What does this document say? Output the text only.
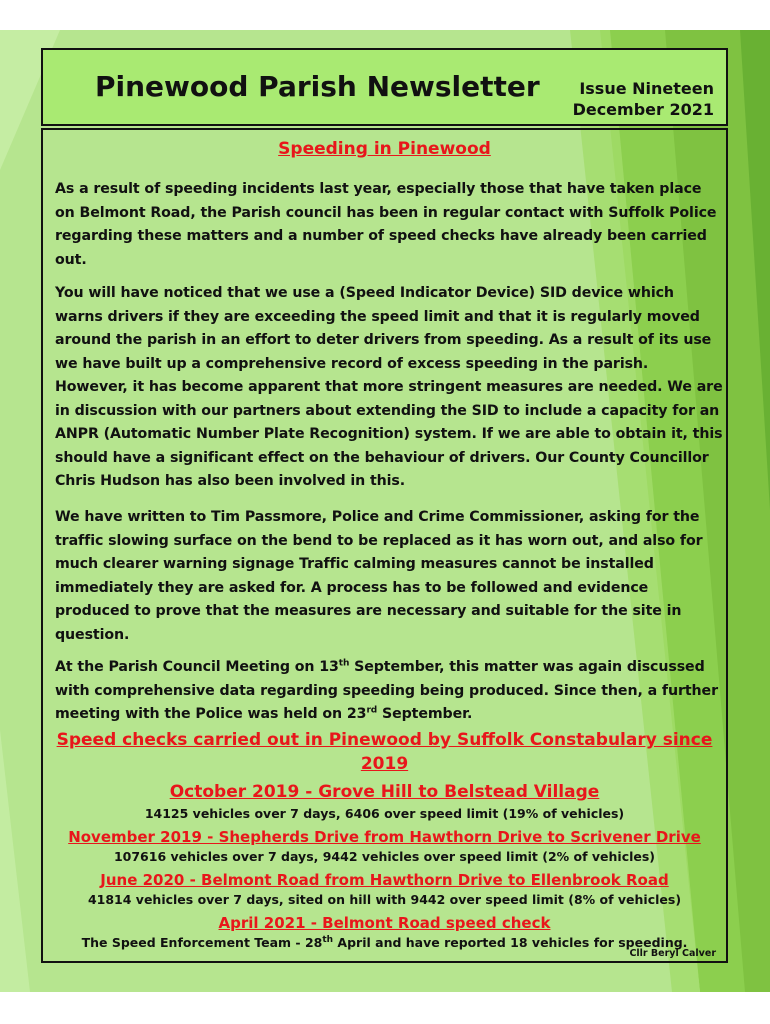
Pinewood Parish Newsletter	Issue Nineteen
December 2021
Speeding in Pinewood

As a result of speeding incidents last year, especially those that have taken place on Belmont Road, the Parish council has been in regular contact with Suffolk Police regarding these matters and a number of speed checks have already been carried out.

You will have noticed that we use a (Speed Indicator Device) SID device which warns drivers if they are exceeding the speed limit and that it is regularly moved around the parish in an effort to deter drivers from speeding. As a result of its use we have built up a comprehensive record of excess speeding in the parish. However, it has become apparent that more stringent measures are needed. We are in discussion with our partners about extending the SID to include a capacity for an ANPR (Automatic Number Plate Recognition) system. If we are able to obtain it, this should have a significant effect on the behaviour of drivers. Our County Councillor Chris Hudson has also been involved in this.

We have written to Tim Passmore, Police and Crime Commissioner, asking for the traffic slowing surface on the bend to be replaced as it has worn out, and also for much clearer warning signage Traffic calming measures cannot be installed immediately they are asked for. A process has to be followed and evidence produced to prove that the measures are necessary and suitable for the site in question.

At the Parish Council Meeting on 13th September, this matter was again discussed with comprehensive data regarding speeding being produced. Since then, a further meeting with the Police was held on 23rd September.

Speed checks carried out in Pinewood by Suffolk Constabulary since 2019
October 2019 - Grove Hill to Belstead Village
14125 vehicles over 7 days, 6406 over speed limit (19% of vehicles)
November 2019 - Shepherds Drive from Hawthorn Drive to Scrivener Drive
107616 vehicles over 7 days, 9442 vehicles over speed limit (2% of vehicles)
June 2020 - Belmont Road from Hawthorn Drive to Ellenbrook Road
41814 vehicles over 7 days, sited on hill with 9442 over speed limit (8% of vehicles)
April 2021 - Belmont Road speed check
The Speed Enforcement Team - 28th April and have reported 18 vehicles for speeding.
Cllr Beryl Calver
